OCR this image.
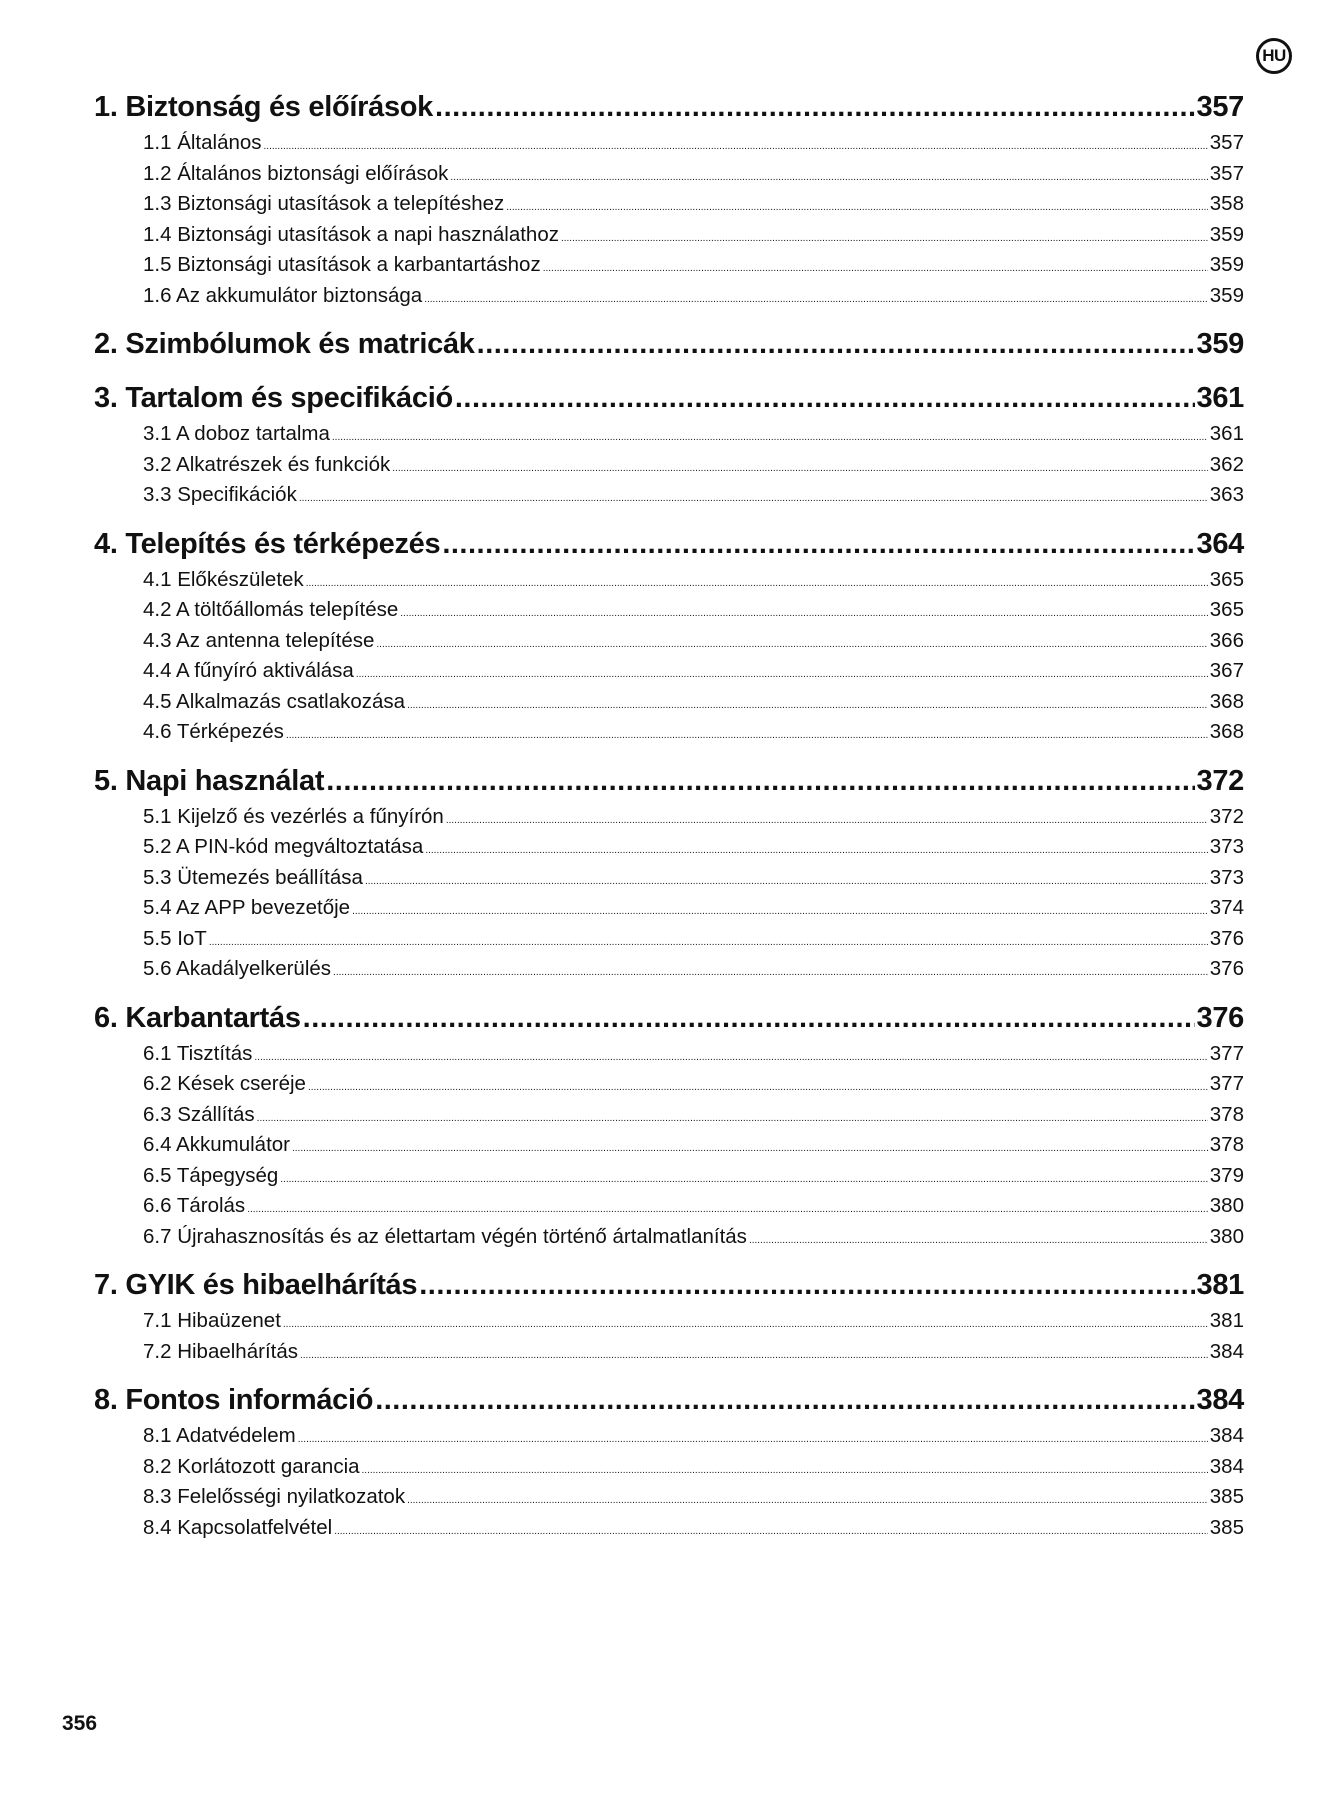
HU
1. Biztonság és előírások .....	357
1.1 Általános .....	357
1.2 Általános biztonsági előírások .....	357
1.3 Biztonsági utasítások a telepítéshez .....	358
1.4 Biztonsági utasítások a napi használathoz .....	359
1.5 Biztonsági utasítások a karbantartáshoz .....	359
1.6 Az akkumulátor biztonsága .....	359
2. Szimbólumok és matricák .....	359
3. Tartalom és specifikáció .....	361
3.1 A doboz tartalma .....	361
3.2 Alkatrészek és funkciók .....	362
3.3 Specifikációk .....	363
4. Telepítés és térképezés .....	364
4.1 Előkészületek .....	365
4.2 A töltőállomás telepítése .....	365
4.3 Az antenna telepítése .....	366
4.4 A fűnyíró aktiválása .....	367
4.5 Alkalmazás csatlakozása .....	368
4.6 Térképezés .....	368
5. Napi használat .....	372
5.1 Kijelző és vezérlés a fűnyírón .....	372
5.2 A PIN-kód megváltoztatása .....	373
5.3 Ütemezés beállítása .....	373
5.4 Az APP bevezetője .....	374
5.5 IoT .....	376
5.6 Akadályelkerülés .....	376
6. Karbantartás .....	376
6.1 Tisztítás .....	377
6.2 Kések cseréje .....	377
6.3 Szállítás .....	378
6.4 Akkumulátor .....	378
6.5 Tápegység .....	379
6.6 Tárolás .....	380
6.7 Újrahasznosítás és az élettartam végén történő ártalmatlanítás .....	380
7. GYIK és hibaelhárítás .....	381
7.1 Hibaüzenet .....	381
7.2 Hibaelhárítás .....	384
8. Fontos információ .....	384
8.1 Adatvédelem .....	384
8.2 Korlátozott garancia .....	384
8.3 Felelősségi nyilatkozatok .....	385
8.4 Kapcsolatfelvétel .....	385
356
